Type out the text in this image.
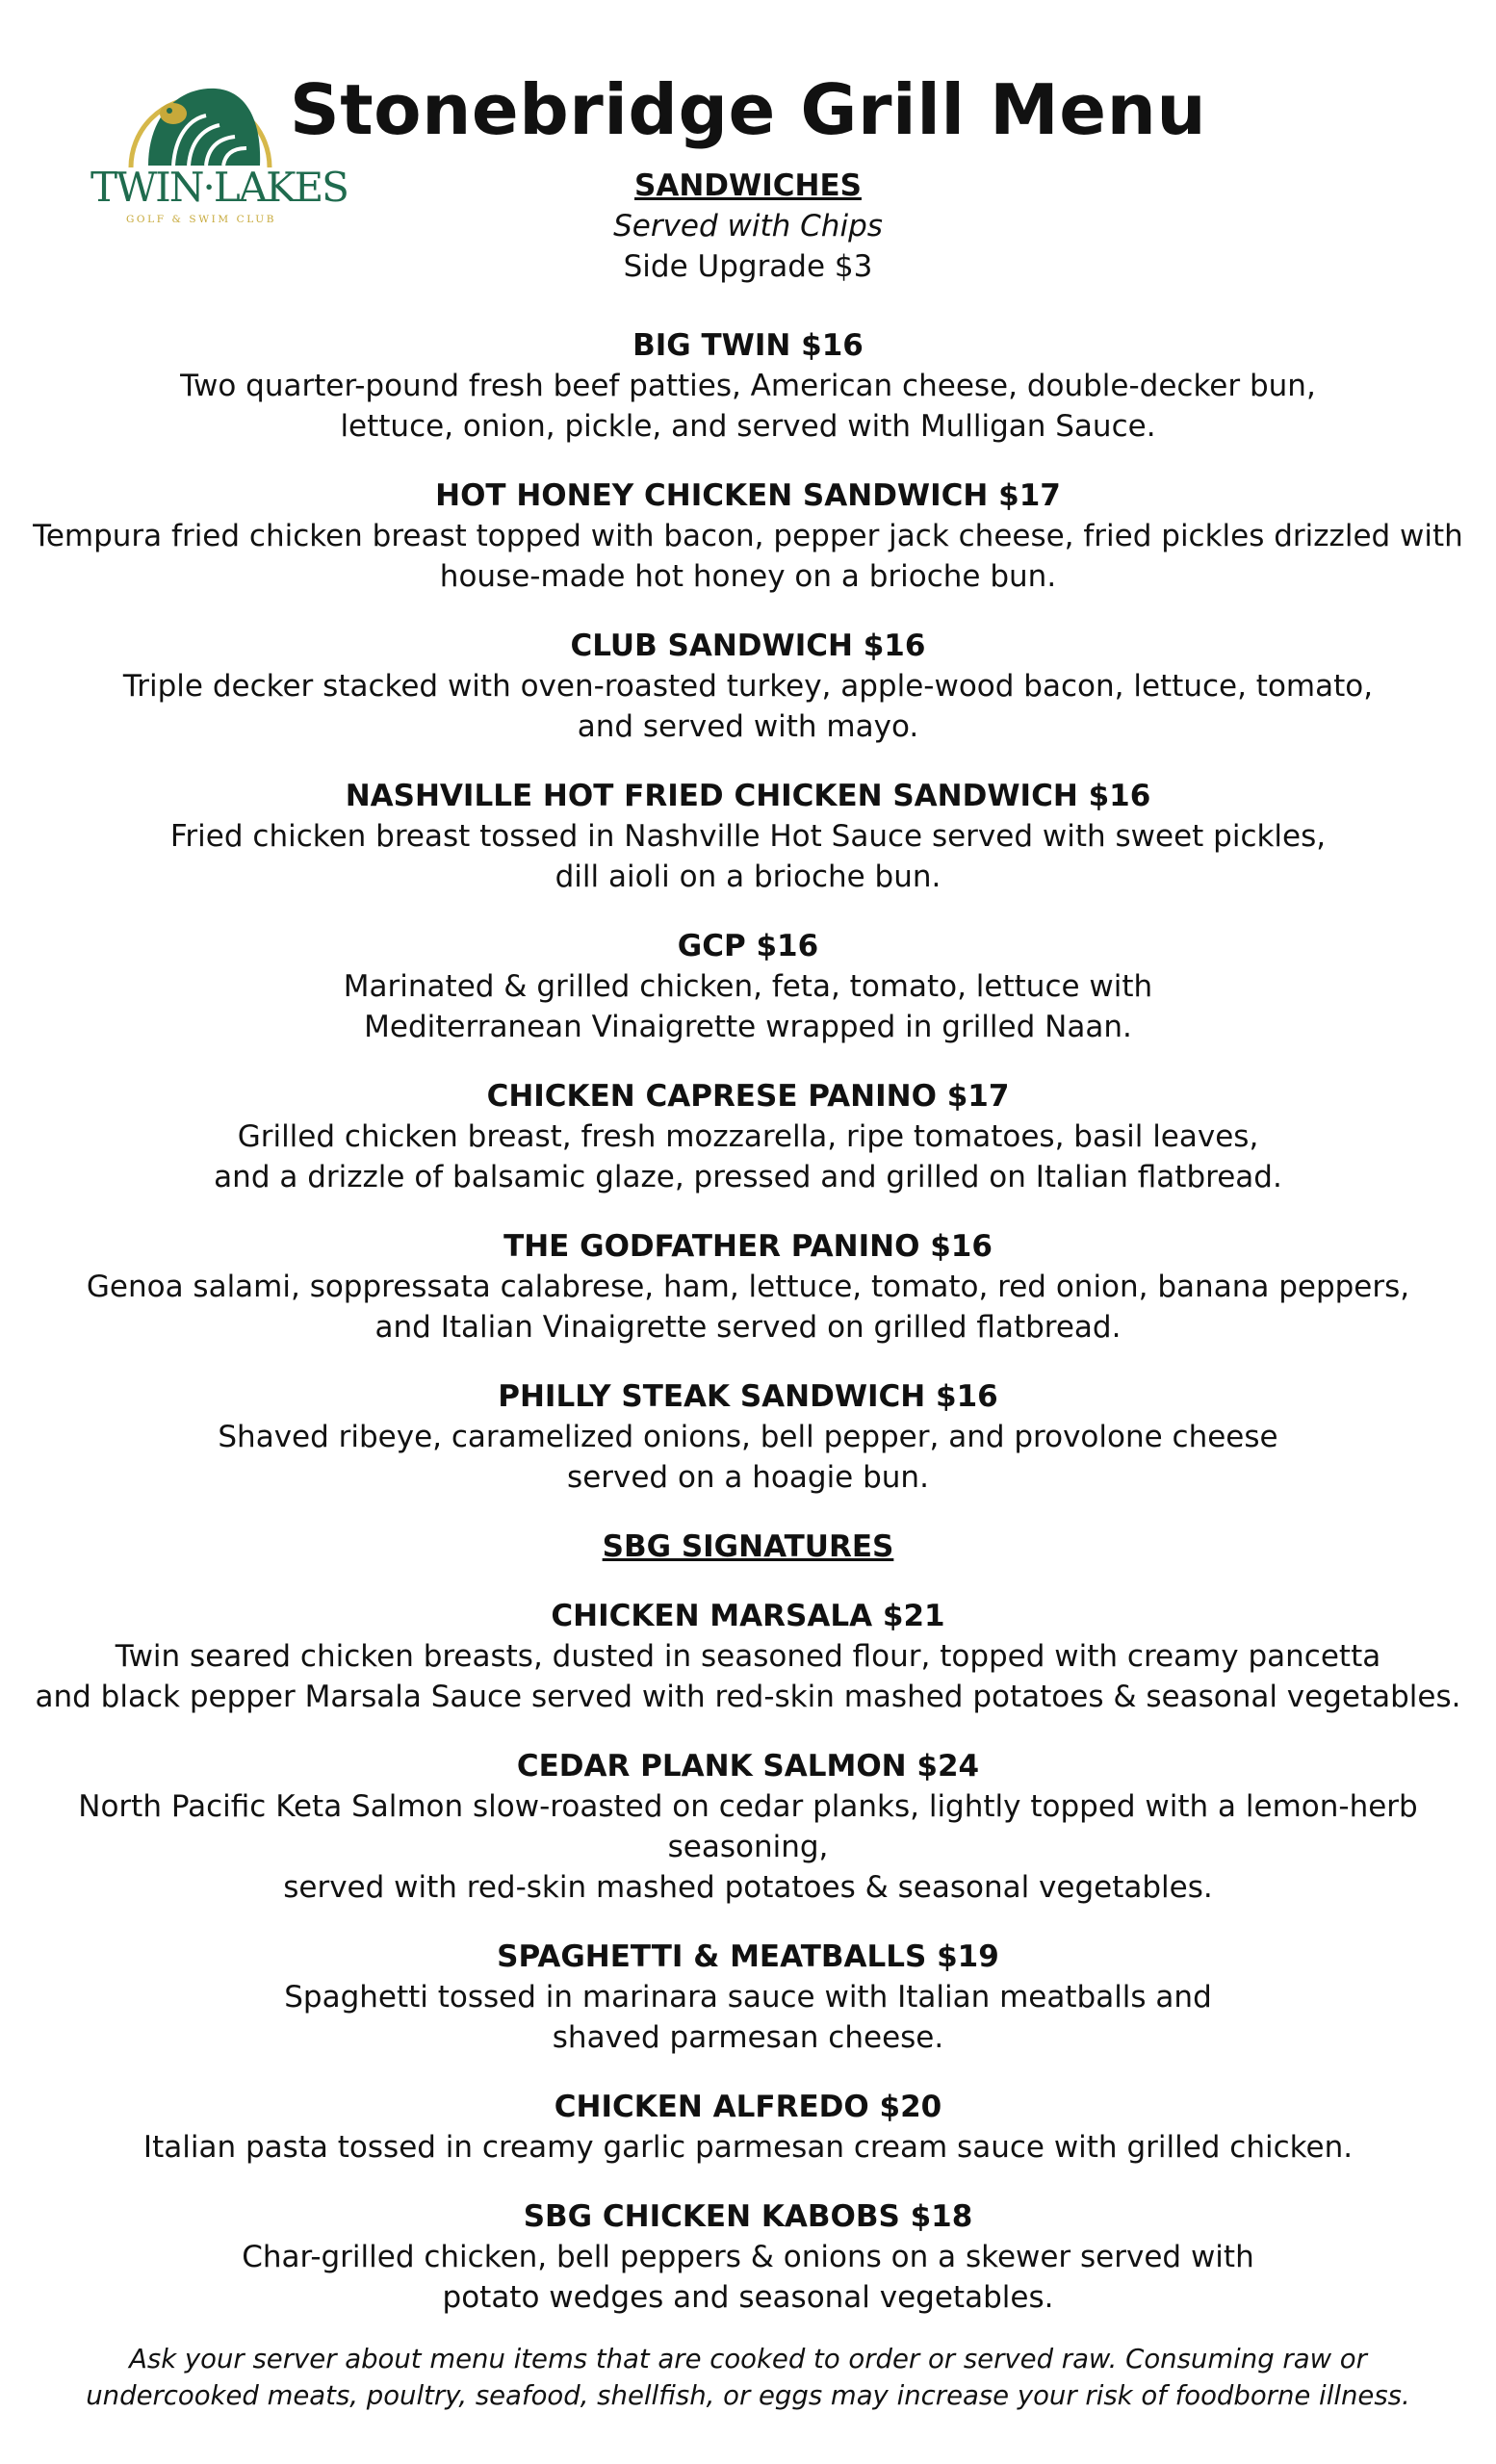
TWIN·LAKES
GOLF & SWIM CLUB
Stonebridge Grill Menu

SANDWICHES

Served with Chips

Side Upgrade $3

BIG TWIN $16

Two quarter-pound fresh beef patties, American cheese, double-decker bun,

lettuce, onion, pickle, and served with Mulligan Sauce.

HOT HONEY CHICKEN SANDWICH $17

Tempura fried chicken breast topped with bacon, pepper jack cheese, fried pickles drizzled with

house-made hot honey on a brioche bun.

CLUB SANDWICH $16

Triple decker stacked with oven-roasted turkey, apple-wood bacon, lettuce, tomato,

and served with mayo.

NASHVILLE HOT FRIED CHICKEN SANDWICH $16

Fried chicken breast tossed in Nashville Hot Sauce served with sweet pickles,

dill aioli on a brioche bun.

GCP $16

Marinated & grilled chicken, feta, tomato, lettuce with

Mediterranean Vinaigrette wrapped in grilled Naan.

CHICKEN CAPRESE PANINO $17

Grilled chicken breast, fresh mozzarella, ripe tomatoes, basil leaves,

and a drizzle of balsamic glaze, pressed and grilled on Italian flatbread.

THE GODFATHER PANINO $16

Genoa salami, soppressata calabrese, ham, lettuce, tomato, red onion, banana peppers,

and Italian Vinaigrette served on grilled flatbread.

PHILLY STEAK SANDWICH $16

Shaved ribeye, caramelized onions, bell pepper, and provolone cheese

served on a hoagie bun.

SBG SIGNATURES

CHICKEN MARSALA $21

Twin seared chicken breasts, dusted in seasoned flour, topped with creamy pancetta

and black pepper Marsala Sauce served with red-skin mashed potatoes & seasonal vegetables.

CEDAR PLANK SALMON $24

North Pacific Keta Salmon slow-roasted on cedar planks, lightly topped with a lemon-herb seasoning,

served with red-skin mashed potatoes & seasonal vegetables.

SPAGHETTI & MEATBALLS $19

Spaghetti tossed in marinara sauce with Italian meatballs and

shaved parmesan cheese.

CHICKEN ALFREDO $20

Italian pasta tossed in creamy garlic parmesan cream sauce with grilled chicken.

SBG CHICKEN KABOBS $18

Char-grilled chicken, bell peppers & onions on a skewer served with

potato wedges and seasonal vegetables.

Ask your server about menu items that are cooked to order or served raw. Consuming raw or

undercooked meats, poultry, seafood, shellfish, or eggs may increase your risk of foodborne illness.
